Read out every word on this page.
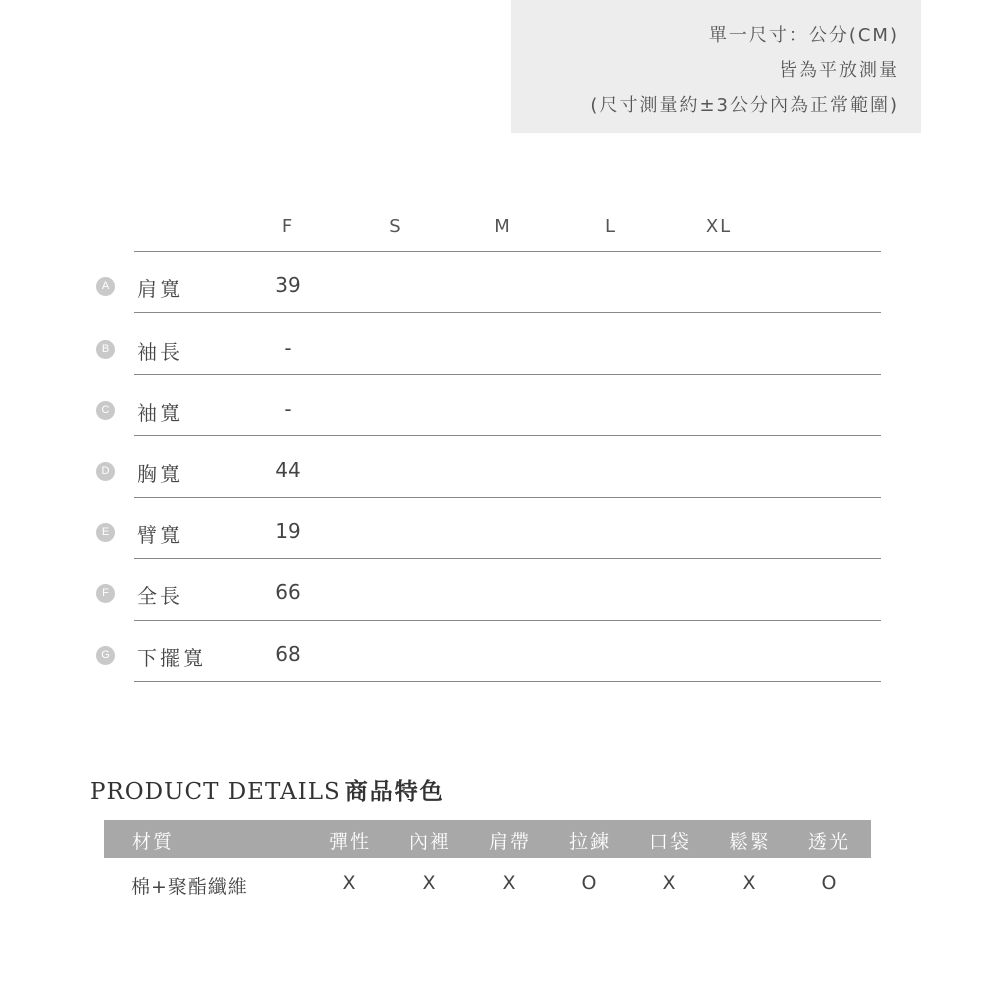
單一尺寸：公分(CM)
皆為平放測量
(尺寸測量約±3公分內為正常範圍)
F	S	M	L	XL
A 肩寬	39
B 袖長	-
C 袖寬	-
D 胸寬	44
E 臂寬	19
F	全長	66
G 下擺寬	68
PRODUCT DETAILS 商品特色
材質	彈性 內裡 肩帶 拉鍊 口袋 鬆緊 透光
棉+聚酯纖維	X	X	X	O	X	X	O
